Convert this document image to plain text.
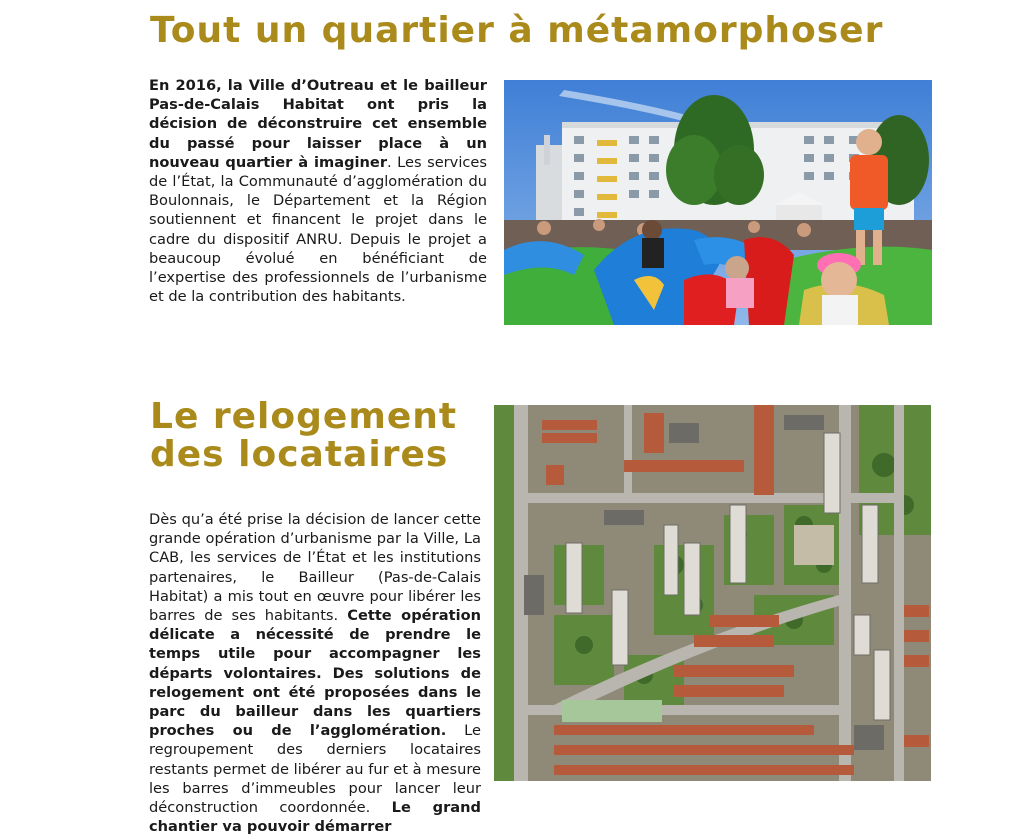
Tout un quartier à métamorphoser

En 2016, la Ville d’Outreau et le bailleur Pas-de-Calais Habitat ont pris la décision de déconstruire cet ensemble du passé pour laisser place à un nouveau quartier à imaginer. Les services de l’État, la Communauté d’agglomération du Boulonnais, le Département et la Région soutiennent et financent le projet dans le cadre du dispositif ANRU. Depuis le projet a beaucoup évolué en bénéficiant de l’expertise des professionnels de l’urbanisme et de la contribution des habitants.

Le relogement
des locataires

Dès qu’a été prise la décision de lancer cette grande opération d’urbanisme par la Ville, La CAB, les services de l’État et les institutions partenaires, le Bailleur (Pas-de-Calais Habitat) a mis tout en œuvre pour libérer les barres de ses habitants. Cette opération délicate a nécessité de prendre le temps utile pour accompagner les départs volontaires. Des solutions de relogement ont été proposées dans le parc du bailleur dans les quartiers proches ou de l’agglomération. Le regroupement des derniers locataires restants permet de libérer au fur et à mesure les barres d’immeubles pour lancer leur déconstruction coordonnée. Le grand chantier va pouvoir démarrer
